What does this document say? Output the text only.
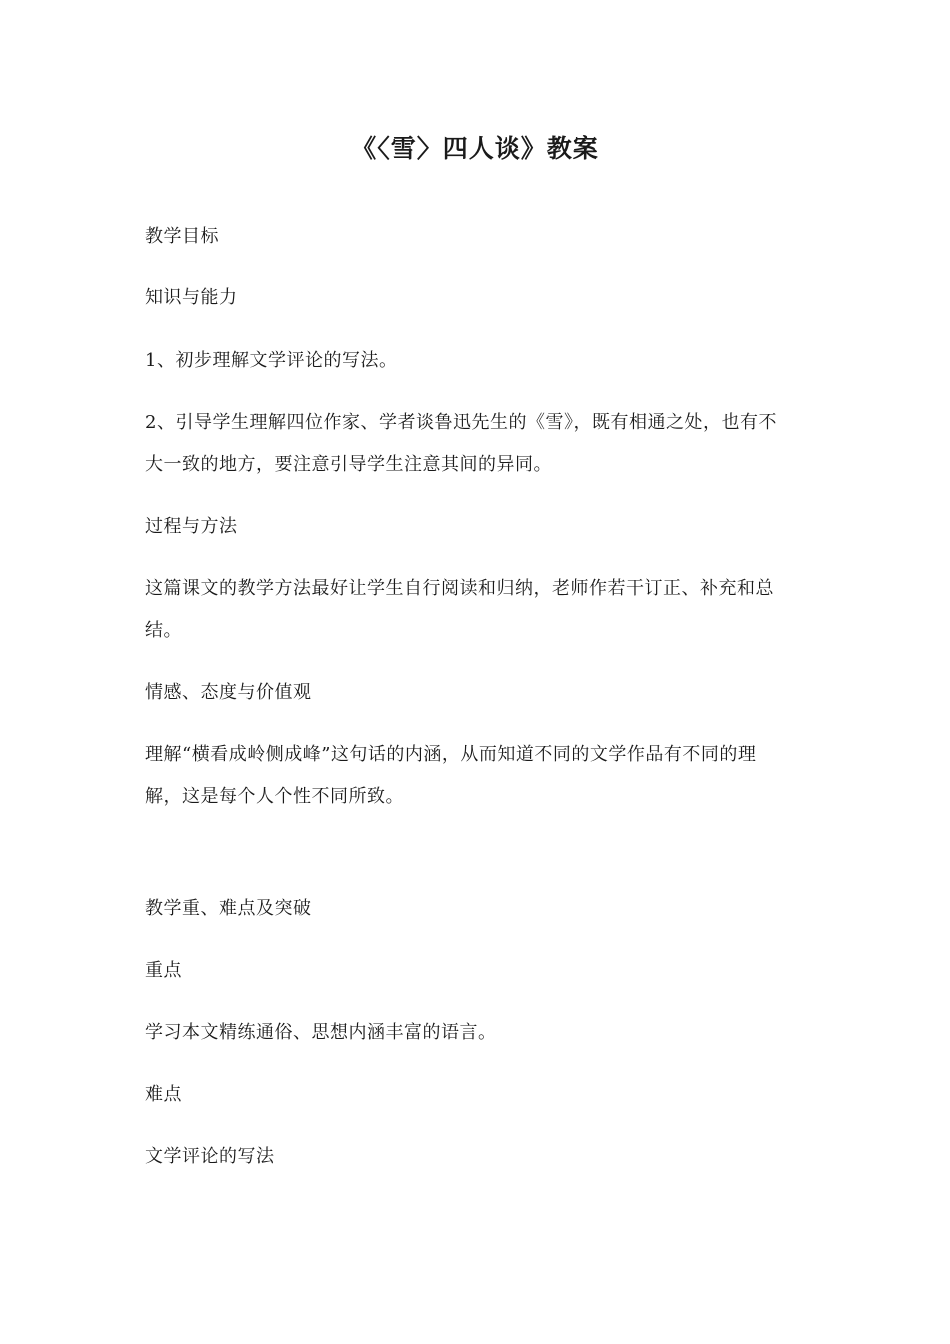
《〈雪〉四人谈》教案

教学目标

知识与能力

1、初步理解文学评论的写法。

2、引导学生理解四位作家、学者谈鲁迅先生的《雪》，既有相通之处，也有不

大一致的地方，要注意引导学生注意其间的异同。

过程与方法

这篇课文的教学方法最好让学生自行阅读和归纳，老师作若干订正、补充和总

结。

情感、态度与价值观

理解“横看成岭侧成峰”这句话的内涵，从而知道不同的文学作品有不同的理

解，这是每个人个性不同所致。

教学重、难点及突破

重点

学习本文精练通俗、思想内涵丰富的语言。

难点

文学评论的写法
